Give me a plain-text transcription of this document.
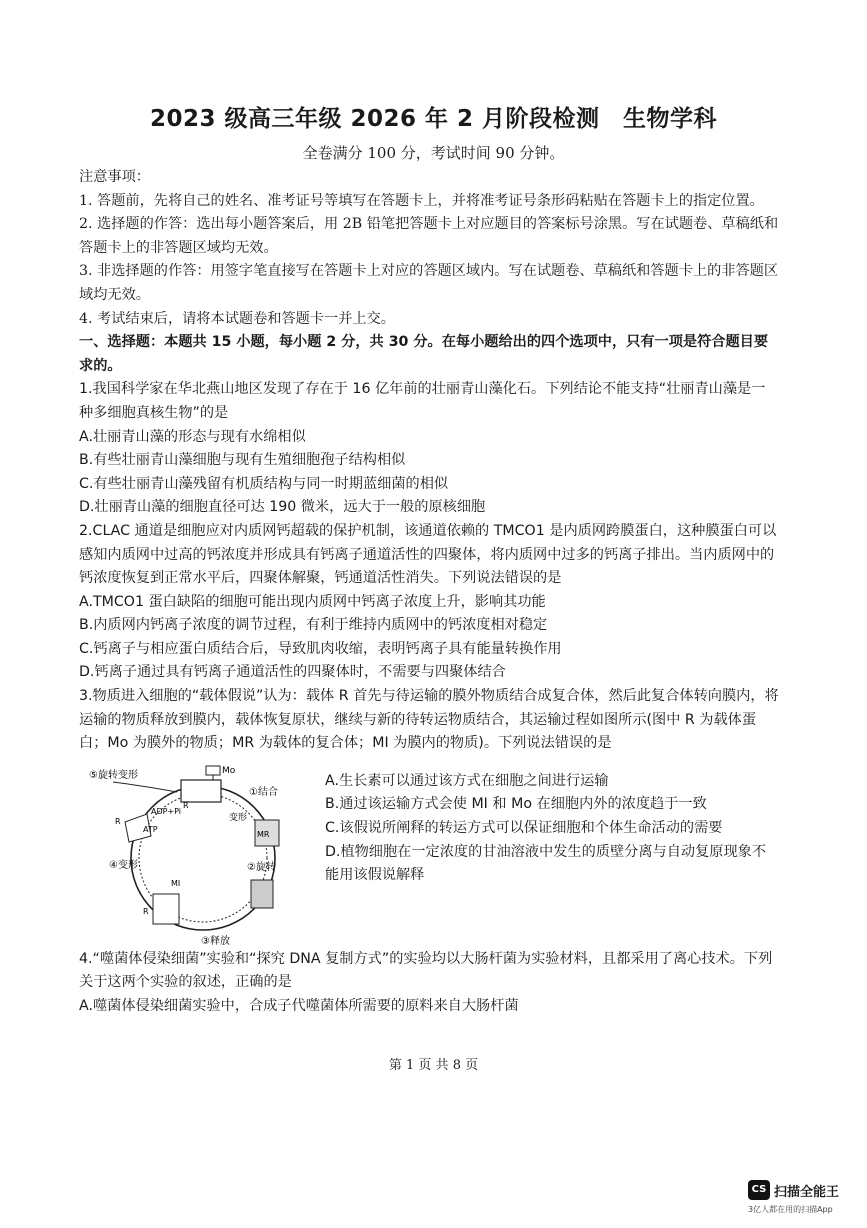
2023 级高三年级 2026 年 2 月阶段检测　生物学科
全卷满分 100 分，考试时间 90 分钟。

注意事项：

1. 答题前，先将自己的姓名、准考证号等填写在答题卡上，并将准考证号条形码粘贴在答题卡上的指定位置。

2. 选择题的作答：选出每小题答案后，用 2B 铅笔把答题卡上对应题目的答案标号涂黑。写在试题卷、草稿纸和答题卡上的非答题区域均无效。

3. 非选择题的作答：用签字笔直接写在答题卡上对应的答题区域内。写在试题卷、草稿纸和答题卡上的非答题区域均无效。

4. 考试结束后，请将本试题卷和答题卡一并上交。

一、选择题：本题共 15 小题，每小题 2 分，共 30 分。在每小题给出的四个选项中，只有一项是符合题目要求的。

1.我国科学家在华北燕山地区发现了存在于 16 亿年前的壮丽青山藻化石。下列结论不能支持“壮丽青山藻是一种多细胞真核生物”的是

A.壮丽青山藻的形态与现有水绵相似

B.有些壮丽青山藻细胞与现有生殖细胞孢子结构相似

C.有些壮丽青山藻残留有机质结构与同一时期蓝细菌的相似

D.壮丽青山藻的细胞直径可达 190 微米，远大于一般的原核细胞

2.CLAC 通道是细胞应对内质网钙超载的保护机制，该通道依赖的 TMCO1 是内质网跨膜蛋白，这种膜蛋白可以感知内质网中过高的钙浓度并形成具有钙离子通道活性的四聚体，将内质网中过多的钙离子排出。当内质网中的钙浓度恢复到正常水平后，四聚体解聚，钙通道活性消失。下列说法错误的是

A.TMCO1 蛋白缺陷的细胞可能出现内质网中钙离子浓度上升，影响其功能

B.内质网内钙离子浓度的调节过程，有利于维持内质网中的钙浓度相对稳定

C.钙离子与相应蛋白质结合后，导致肌肉收缩，表明钙离子具有能量转换作用

D.钙离子通过具有钙离子通道活性的四聚体时，不需要与四聚体结合

3.物质进入细胞的“载体假说”认为：载体 R 首先与待运输的膜外物质结合成复合体，然后此复合体转向膜内，将运输的物质释放到膜内，载体恢复原状，继续与新的待转运物质结合，其运输过程如图所示(图中 R 为载体蛋白；Mo 为膜外的物质；MR 为载体的复合体；MI 为膜内的物质)。下列说法错误的是

Mo
R
①结合
变形
MR
②旋转
③释放
MI
R
④变形
R
ATP
ADP+Pi
⑤旋转变形	A.生长素可以通过该方式在细胞之间进行运输

B.通过该运输方式会使 MI 和 Mo 在细胞内外的浓度趋于一致

C.该假说所阐释的转运方式可以保证细胞和个体生命活动的需要

D.植物细胞在一定浓度的甘油溶液中发生的质壁分离与自动复原现象不能用该假说解释

4.“噬菌体侵染细菌”实验和“探究 DNA 复制方式”的实验均以大肠杆菌为实验材料，且都采用了离心技术。下列关于这两个实验的叙述，正确的是

A.噬菌体侵染细菌实验中，合成子代噬菌体所需要的原料来自大肠杆菌

第 1 页 共 8 页
CS 扫描全能王
3亿人都在用的扫描App
